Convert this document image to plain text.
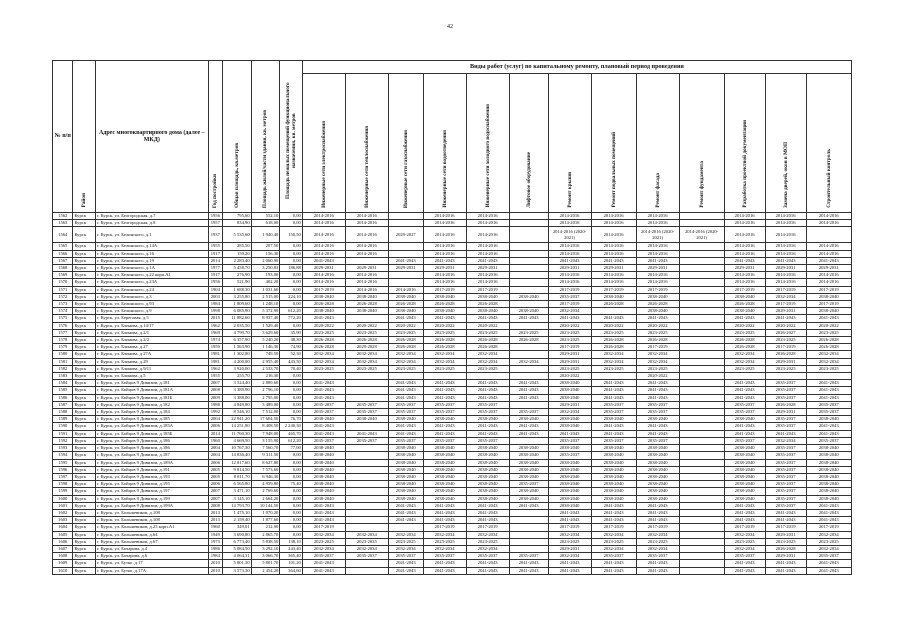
42
№ п/п	Район	Адрес многоквартирного дома (далее – МКД)	Год постройки	Общая площадь, кв.метров	Площадь жилой/части здания, кв. метров	Площадь нежилых помещений функционального назначения, кв. метров	Виды работ (услуг) по капитальному ремонту, плановый период проведения												
							Инженерные сети электроснабжения	Инженерные сети теплоснабжения	Инженерные сети газоснабжения	Инженерные сети водоотведения	Инженерные сети холодного водоснабжения	Лифтовое оборудование	Ремонт крыши	Ремонт подвальных помещений	Ремонт фасада	Ремонт фундамента	Разработка проектной документации	Замена дверей, окон в МОП	Строительный контроль
1562	Курск	г. Курск, ул. Белгородская, д.7	1956	795,60	552,10	0,00	2014-2016	2014-2016		2014-2016	2014-2016		2014-2016	2014-2016	2014-2016		2014-2016	2014-2016	2014-2016
1563	Курск	г. Курск, ул. Белгородская, д.8	1957	834,90	618,00	0,00	2014-2016	2014-2016		2014-2016	2014-2016		2014-2016	2014-2016	2014-2016		2014-2016	2014-2016	2014-2016
1564	Курск	г. Курск, ул. Белинского, д.1	1937	5 535,60	1 940,40	150,50	2014-2016	2014-2016	2029-2027	2014-2016	2014-2016		2014-2016 (2020-2021)	2014-2016	2014-2016 (2020-2021)	2014-2016 (2020-2021)	2014-2016	2014-2016	
1565	Курск	г. Курск, ул. Белинского, д.14А	1955	285,50	207,50	0,00	2014-2016	2014-2016		2014-2016	2014-2016		2014-2016	2014-2016	2014-2016		2014-2016	2014-2016	2014-2016
1566	Курск	г. Курск, ул. Белинского, д.16	1917	159,20	156,30	0,00	2014-2016	2014-2016		2014-2016	2014-2016		2014-2016	2014-2016	2014-2016		2014-2016	2014-2016	2014-2016
1567	Курск	г. Курск, ул. Белинского, д.19	2014	2 283,40	2 060,90	0,00	2041-2043		2041-2043	2041-2043	2041-2043		2041-2043	2041-2043	2041-2043		2041-2043	2041-2043	2041-2043
1568	Курск	г. Курск, ул. Белинского, д.1А	1977	5 458,70	3 250,83	186,88	2029-2031	2029-2031	2029-2031	2029-2031	2029-2031		2029-2031	2029-2031	2029-2031		2029-2031	2029-2031	2029-2031
1569	Курск	г. Курск, ул. Белинского, д.22 корп.А1	1917	276,90	193,00	0,00	2014-2016	2014-2016		2014-2016	2014-2016		2014-2016	2014-2016	2014-2016		2014-2016	2014-2016	2014-2016
1570	Курск	г. Курск, ул. Белинского, д.23А	1956	521,90	402,20	0,00	2014-2016	2014-2016		2014-2016	2014-2016		2014-2016	2014-2016	2014-2016		2014-2016	2014-2016	2014-2016
1571	Курск	г. Курск, ул. Белинского, д.24	1904	1 688,30	1 031,60	0,00	2017-2019	2014-2016	2014-2016	2017-2019	2017-2019		2017-2019	2017-2019	2017-2019		2017-2019	2017-2019	2017-2019
1572	Курск	г. Курск, ул. Белинского, д.3	2003	3 255,80	2 515,00	224,10	2038-2040	2038-2040	2038-2040	2038-2040	2038-2040	2038-2040	2035-2037	2038-2040	2038-2040		2038-2040	2032-2034	2038-2040
1573	Курск	г. Курск, ул. Белинского, д.93	1984	1 809,60	1 248,10	0,00	2026-2028	2026-2028	2026-2028	2026-2028	2026-2028		2017-2019	2026-2028	2026-2028		2026-2028	2017-2019	2017-2019
1574	Курск	г. Курск, ул. Белинского, д.9	1998	6 085,90	5 372,90	612,20	2038-2040	2038-2040	2038-2040	2038-2040	2038-2040	2038-2040	2032-2034		2038-2040		2038-2040	2029-2031	2038-2040
1575	Курск	г. Курск, ул. Береговая, д.5	2015	11 882,60	8 937,40	772,20	2041-2043		2041-2043	2041-2043	2041-2043	2041-2043	2041-2043	2041-2043	2041-2043		2041-2043	2041-2043	2041-2043
1576	Курск	г. Курск, ул. Блинова, д.14/17	1962	2 035,50	1 529,40	0,00	2020-2022	2020-2022	2020-2022	2020-2022	2020-2022		2020-2022	2020-2022	2020-2022		2020-2022	2020-2022	2020-2022
1577	Курск	г. Курск, ул. Блинова, д.2/1	1969	4 799,70	3 629,60	35,90	2023-2025	2023-2025	2023-2025	2023-2025	2023-2025	2023-2025	2023-2025	2023-2025	2023-2025		2023-2025	2026-2027	2023-2025
1578	Курск	г. Курск, ул. Блинова, д.2/2	1974	6 357,90	5 240,20	48,30	2026-2028	2026-2028	2026-2028	2026-2028	2026-2028	2026-2028	2023-2025	2026-2028	2026-2028		2026-2028	2023-2025	2026-2028
1579	Курск	г. Курск, ул. Блинова, д.27	1959	1 563,90	1 146,30	74,90	2026-2028	2029-2028	2026-2028	2026-2028	2026-2028		2017-2019	2026-2028	2017-2019		2026-2028	2017-2019	2026-2028
1580	Курск	г. Курск, ул. Блинова, д.27А	1981	1 302,80	749,50	52,30	2032-2034	2032-2034	2032-2034	2032-2034	2032-2034		2029-2031	2032-2034	2032-2034		2032-2034	2026-2028	2032-2034
1581	Курск	г. Курск, ул. Блинова, д.29	1981	4 200,00	2 955,40	443,50	2032-2034	2032-2034	2032-2034	2032-2034	2032-2034	2032-2034	2029-2031	2032-2034	2032-2034		2032-2034	2029-2031	2032-2034
1582	Курск	г. Курск, ул. Блинова, д.9/11	1962	3 920,00	2 533,70	70,40	2023-2025	2023-2025	2023-2025	2023-2025	2023-2025		2023-2025	2023-2025	2023-2025		2023-2025	2023-2025	2023-2025
1583	Курск	г. Курск, ул. Блинова, д.5	1955	255,70	216,30	0,00							2020-2022		2020-2022				
1584	Курск	г. Курск, ул. Бойцов 9 Дивизии, д.181	2007	3 524,40	2 889,60	0,00	2041-2043		2041-2043	2041-2043	2041-2043	2041-2043	2038-2040	2041-2043	2041-2043		2041-2043	2035-2037	2041-2043
1585	Курск	г. Курск, ул. Бойцов 9 Дивизии, д.181А	2008	3 389,90	2 796,10	0,00	2041-2043		2041-2043	2041-2043	2041-2043	2041-2043	2038-2040	2041-2043	2041-2043		2041-2043	2035-2037	2041-2043
1586	Курск	г. Курск, ул. Бойцов 9 Дивизии, д.181Б	2009	3 388,00	2 795,00	0,00	2041-2043		2041-2043	2041-2043	2041-2043	2041-2043	2038-2040	2041-2043	2041-2043		2041-2043	2035-2037	2041-2043
1587	Курск	г. Курск, ул. Бойцов 9 Дивизии, д.182	1988	4 849,80	3 489,00	0,00	2035-2037	2035-2037	2035-2037	2035-2037	2035-2037		2029-2031	2035-2037	2035-2037		2035-2037	2026-2028	2035-2037
1588	Курск	г. Курск, ул. Бойцов 9 Дивизии, д.184	1992	8 546,10	7 512,00	0,00	2035-2037	2035-2037	2035-2037	2035-2037	2035-2037	2035-2037	2032-2034	2035-2037	2035-2037		2035-2037	2029-2031	2035-2037
1589	Курск	г. Курск, ул. Бойцов 9 Дивизии, д.185	2004	22 941,20	17 604,50	76,70	2038-2040	2038-2040	2038-2040	2038-2040	2038-2040	2038-2040	2038-2040	2038-2040	2038-2040		2038-2040	2035-2037	2038-2040
1590	Курск	г. Курск, ул. Бойцов 9 Дивизии, д.185А	2006	14 251,80	8 408,50	2 240,30	2041-2043		2041-2043	2041-2043	2041-2043	2041-2043	2038-2040	2041-2043	2041-2043		2041-2043	2035-2037	2041-2043
1591	Курск	г. Курск, ул. Бойцов 9 Дивизии, д.185Б	2014	11 760,30	7 948,00	465,70	2041-2043	2041-2043	2041-2043	2041-2043	2041-2043	2041-2043	2041-2043	2041-2043	2041-2043		2041-2043	2041-2043	2041-2043
1592	Курск	г. Курск, ул. Бойцов 9 Дивизии, д.186	1960	4 669,50	3 155,90	612,20	2035-2037	2035-2037	2035-2037	2035-2037	2035-2037		2035-2037	2035-2037	2035-2037		2035-2037	2032-2034	2035-2037
1593	Курск	г. Курск, ул. Бойцов 9 Дивизии, д.186	2004	10 767,30	7 560,70	77,00	2038-2040		2038-2040	2038-2040	2038-2040	2038-2040	2038-2040	2038-2040	2038-2040		2038-2040	2035-2037	2038-2040
1594	Курск	г. Курск, ул. Бойцов 9 Дивизии, д.187	2004	14 836,40	9 311,50	0,00	2038-2040		2038-2040	2038-2040	2038-2040	2038-2040	2035-2037	2038-2040	2038-2040		2038-2040	2035-2037	2038-2040
1595	Курск	г. Курск, ул. Бойцов 9 Дивизии, д.189А	2006	12 817,60	8 627,80	0,00	2038-2040		2038-2040	2038-2040	2038-2040	2038-2040	2038-2040	2038-2040	2038-2040		2038-2040	2035-2037	2038-2040
1596	Курск	г. Курск, ул. Бойцов 9 Дивизии, д.191	2005	9 814,50	7 573,60	0,00	2038-2040		2038-2040	2038-2040	2038-2040	2038-2040	2038-2040	2038-2040	2038-2040		2038-2040	2035-2037	2038-2040
1597	Курск	г. Курск, ул. Бойцов 9 Дивизии, д.193	2005	8 811,70	6 946,30	0,00	2038-2040		2038-2040	2038-2040	2038-2040	2038-2040	2038-2040	2038-2040	2038-2040		2038-2040	2035-2037	2038-2040
1598	Курск	г. Курск, ул. Бойцов 9 Дивизии, д.195	2006	6 565,80	4 959,80	75,40	2038-2040		2038-2040	2038-2040	2038-2040	2035-2037	2038-2040	2038-2040	2038-2040		2038-2040	2035-2037	2038-2040
1599	Курск	г. Курск, ул. Бойцов 9 Дивизии, д.197	2007	3 471,10	2 769,60	0,00	2038-2040		2038-2040	2038-2040	2038-2040	2038-2040	2038-2040	2038-2040	2038-2040		2038-2040	2035-2037	2038-2040
1600	Курск	г. Курск, ул. Бойцов 9 Дивизии, д.199	2007	3 145,10	2 664,20	0,00	2038-2040		2038-2040	2038-2040	2038-2040	2038-2040	2038-2040	2038-2040	2038-2040		2038-2040	2035-2037	2038-2040
1601	Курск	г. Курск, ул. Бойцов 9 Дивизии, д.199А	2008	14 793,70	10 144,50	0,00	2041-2043		2041-2043	2041-2043	2041-2043	2041-2043	2038-2040	2041-2043	2041-2043		2041-2043	2035-2037	2041-2043
1602	Курск	г. Курск, ул. Большевиков, д.108	2013	1 475,10	1 070,20	0,00	2041-2043		2041-2043	2041-2043	2041-2043		2041-2043	2041-2043	2041-2043		2041-2043	2041-2043	2041-2043
1603	Курск	г. Курск, ул. Большевиков, д.108	2013	2 159,40	1 877,60	0,00	2041-2043		2041-2043	2041-2043	2041-2043		2041-2043	2041-2043	2041-2043		2041-2043	2041-2043	2041-2043
1604	Курск	г. Курск, ул. Большевиков, д.25 корп.А1	1960	349,01	212,90	0,00	2017-2019			2017-2019	2017-2019		2017-2019	2017-2019	2017-2019		2017-2019	2017-2019	2017-2019
1605	Курск	г. Курск, ул. Большевиков, д.64	1949	3 690,80	2 865,70	0,00	2032-2034	2032-2034	2032-2034	2032-2034	2032-2034		2032-2034	2032-2034	2032-2034		2032-2034	2029-2031	2032-2034
1606	Курск	г. Курск, ул. Большевиков, д.67	1973	6 773,40	5 838,50	138,10	2023-2025	2023-2025	2023-2025	2023-2025	2023-2025		2023-2025	2023-2025	2023-2025		2023-2025	2023-2025	2023-2025
1607	Курск	г. Курск, ул. Бочарова, д.4	1986	5 084,50	3 292,10	243,40	2032-2034	2032-2034	2032-2034	2032-2034	2032-2034		2029-2031	2032-2034	2032-2034		2032-2034	2026-2028	2032-2034
1608	Курск	г. Курск, ул. Бочарова, д.6	1984	4 064,31	3 066,70	365,40	2035-2037	2035-2037	2035-2037	2035-2037	2035-2037	2035-2037	2032-2034	2035-2037	2035-2037		2035-2037	2029-2031	2035-2037
1609	Курск	г. Курск, ул. Бутко, д.17	2010	5 801,30	5 801,70	101,20	2041-2043		2041-2043	2041-2043	2041-2043	2041-2043	2041-2043	2041-2043	2041-2043		2041-2043	2041-2043	2041-2043
1610	Курск	г. Курск, ул. Бутко, д.17А	2010	3 573,30	2 454,20	364,60	2041-2043		2041-2043	2041-2043	2041-2043	2041-2043	2041-2043	2041-2043	2041-2043		2041-2043	2041-2043	2041-2043
